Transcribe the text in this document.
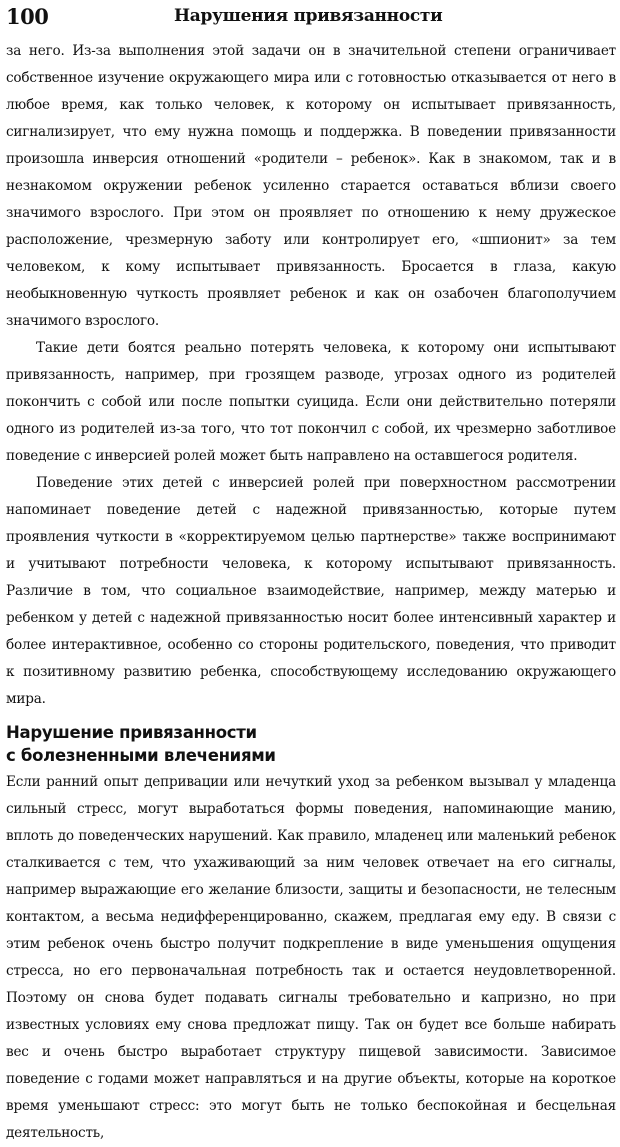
100	Нарушения привязанности

за него. Из-за выполнения этой задачи он в значительной степени ограничивает собственное изучение окружающего мира или с готовностью отказывается от него в любое время, как только человек, к которому он испытывает привязанность, сигнализирует, что ему нужна помощь и поддержка. В поведении привязанности произошла инверсия отношений «родители – ребенок». Как в знакомом, так и в незнакомом окружении ребенок усиленно старается оставаться вблизи своего значимого взрослого. При этом он проявляет по отношению к нему дружеское расположение, чрезмерную заботу или контролирует его, «шпионит» за тем человеком, к кому испытывает привязанность. Бросается в глаза, какую необыкновенную чуткость проявляет ребенок и как он озабочен благополучием значимого взрослого.

Такие дети боятся реально потерять человека, к которому они испытывают привязанность, например, при грозящем разводе, угрозах одного из родителей покончить с собой или после попытки суицида. Если они действительно потеряли одного из родителей из-за того, что тот покончил с собой, их чрезмерно заботливое поведение с инверсией ролей может быть направлено на оставшегося родителя.

Поведение этих детей с инверсией ролей при поверхностном рассмотрении напоминает поведение детей с надежной привязанностью, которые путем проявления чуткости в «корректируемом целью партнерстве» также воспринимают и учитывают потребности человека, к которому испытывают привязанность. Различие в том, что социальное взаимодействие, например, между матерью и ребенком у детей с надежной привязанностью носит более интенсивный характер и более интерактивное, особенно со стороны родительского, поведения, что приводит к позитивному развитию ребенка, способствующему исследованию окружающего мира.

Нарушение привязанности
с болезненными влечениями

Если ранний опыт депривации или нечуткий уход за ребенком вызывал у младенца сильный стресс, могут выработаться формы поведения, напоминающие манию, вплоть до поведенческих нарушений. Как правило, младенец или маленький ребенок сталкивается с тем, что ухаживающий за ним человек отвечает на его сигналы, например выражающие его желание близости, защиты и безопасности, не телесным контактом, а весьма недифференцированно, скажем, предлагая ему еду. В связи с этим ребенок очень быстро получит подкрепление в виде уменьшения ощущения стресса, но его первоначальная потребность так и остается неудовлетворенной. Поэтому он снова будет подавать сигналы требовательно и капризно, но при известных условиях ему снова предложат пищу. Так он будет все больше набирать вес и очень быстро выработает структуру пищевой зависимости. Зависимое поведение с годами может направляться и на другие объекты, которые на короткое время уменьшают стресс: это могут быть не только беспокойная и бесцельная деятельность,
